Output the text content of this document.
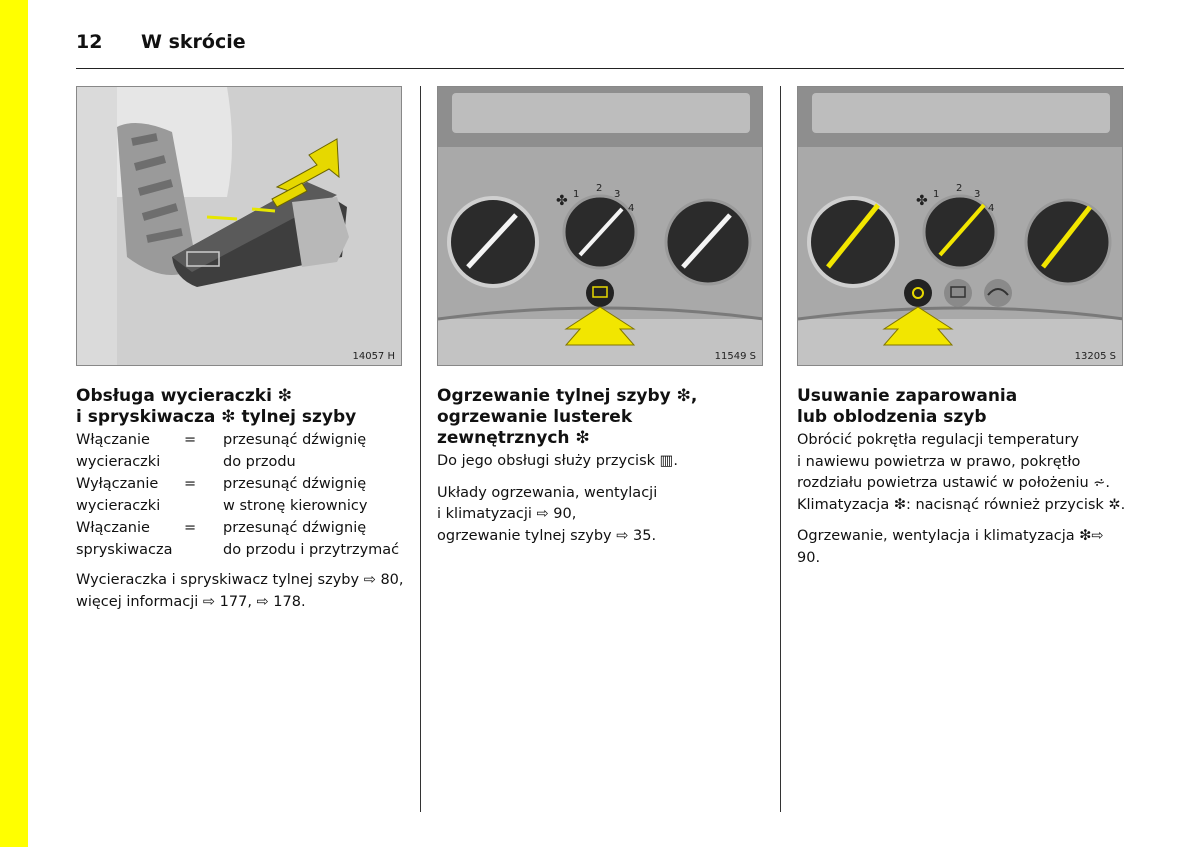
12 W skrócie
14057 H
✤ 1
2
3
4
11549 S
✤ 1
2
3
4
13205 S
Obsługa wycieraczki ❇
i spryskiwacza ❇ tylnej szyby
Włączanie
wycieraczki
=	przesunąć dźwignię
do przodu
Wyłączanie
wycieraczki
=	przesunąć dźwignię
w stronę kierownicy
Włączanie
spryskiwacza
=	przesunąć dźwignię
do przodu i przytrzymać
Wycieraczka i spryskiwacz tylnej szyby ⇨ 80,
więcej informacji ⇨ 177, ⇨ 178.
Ogrzewanie tylnej szyby ❇,
ogrzewanie lusterek
zewnętrznych ❇
Do jego obsługi służy przycisk ▥.
Układy ogrzewania, wentylacji
i klimatyzacji ⇨ 90,
ogrzewanie tylnej szyby ⇨ 35.
Usuwanie zaparowania
lub oblodzenia szyb
Obrócić pokrętła regulacji temperatury
i nawiewu powietrza w prawo, pokrętło
rozdziału powietrza ustawić w położeniu ⩫.
Klimatyzacja ❇: nacisnąć również przycisk ✲.
Ogrzewanie, wentylacja i klimatyzacja ❇⇨ 90.
